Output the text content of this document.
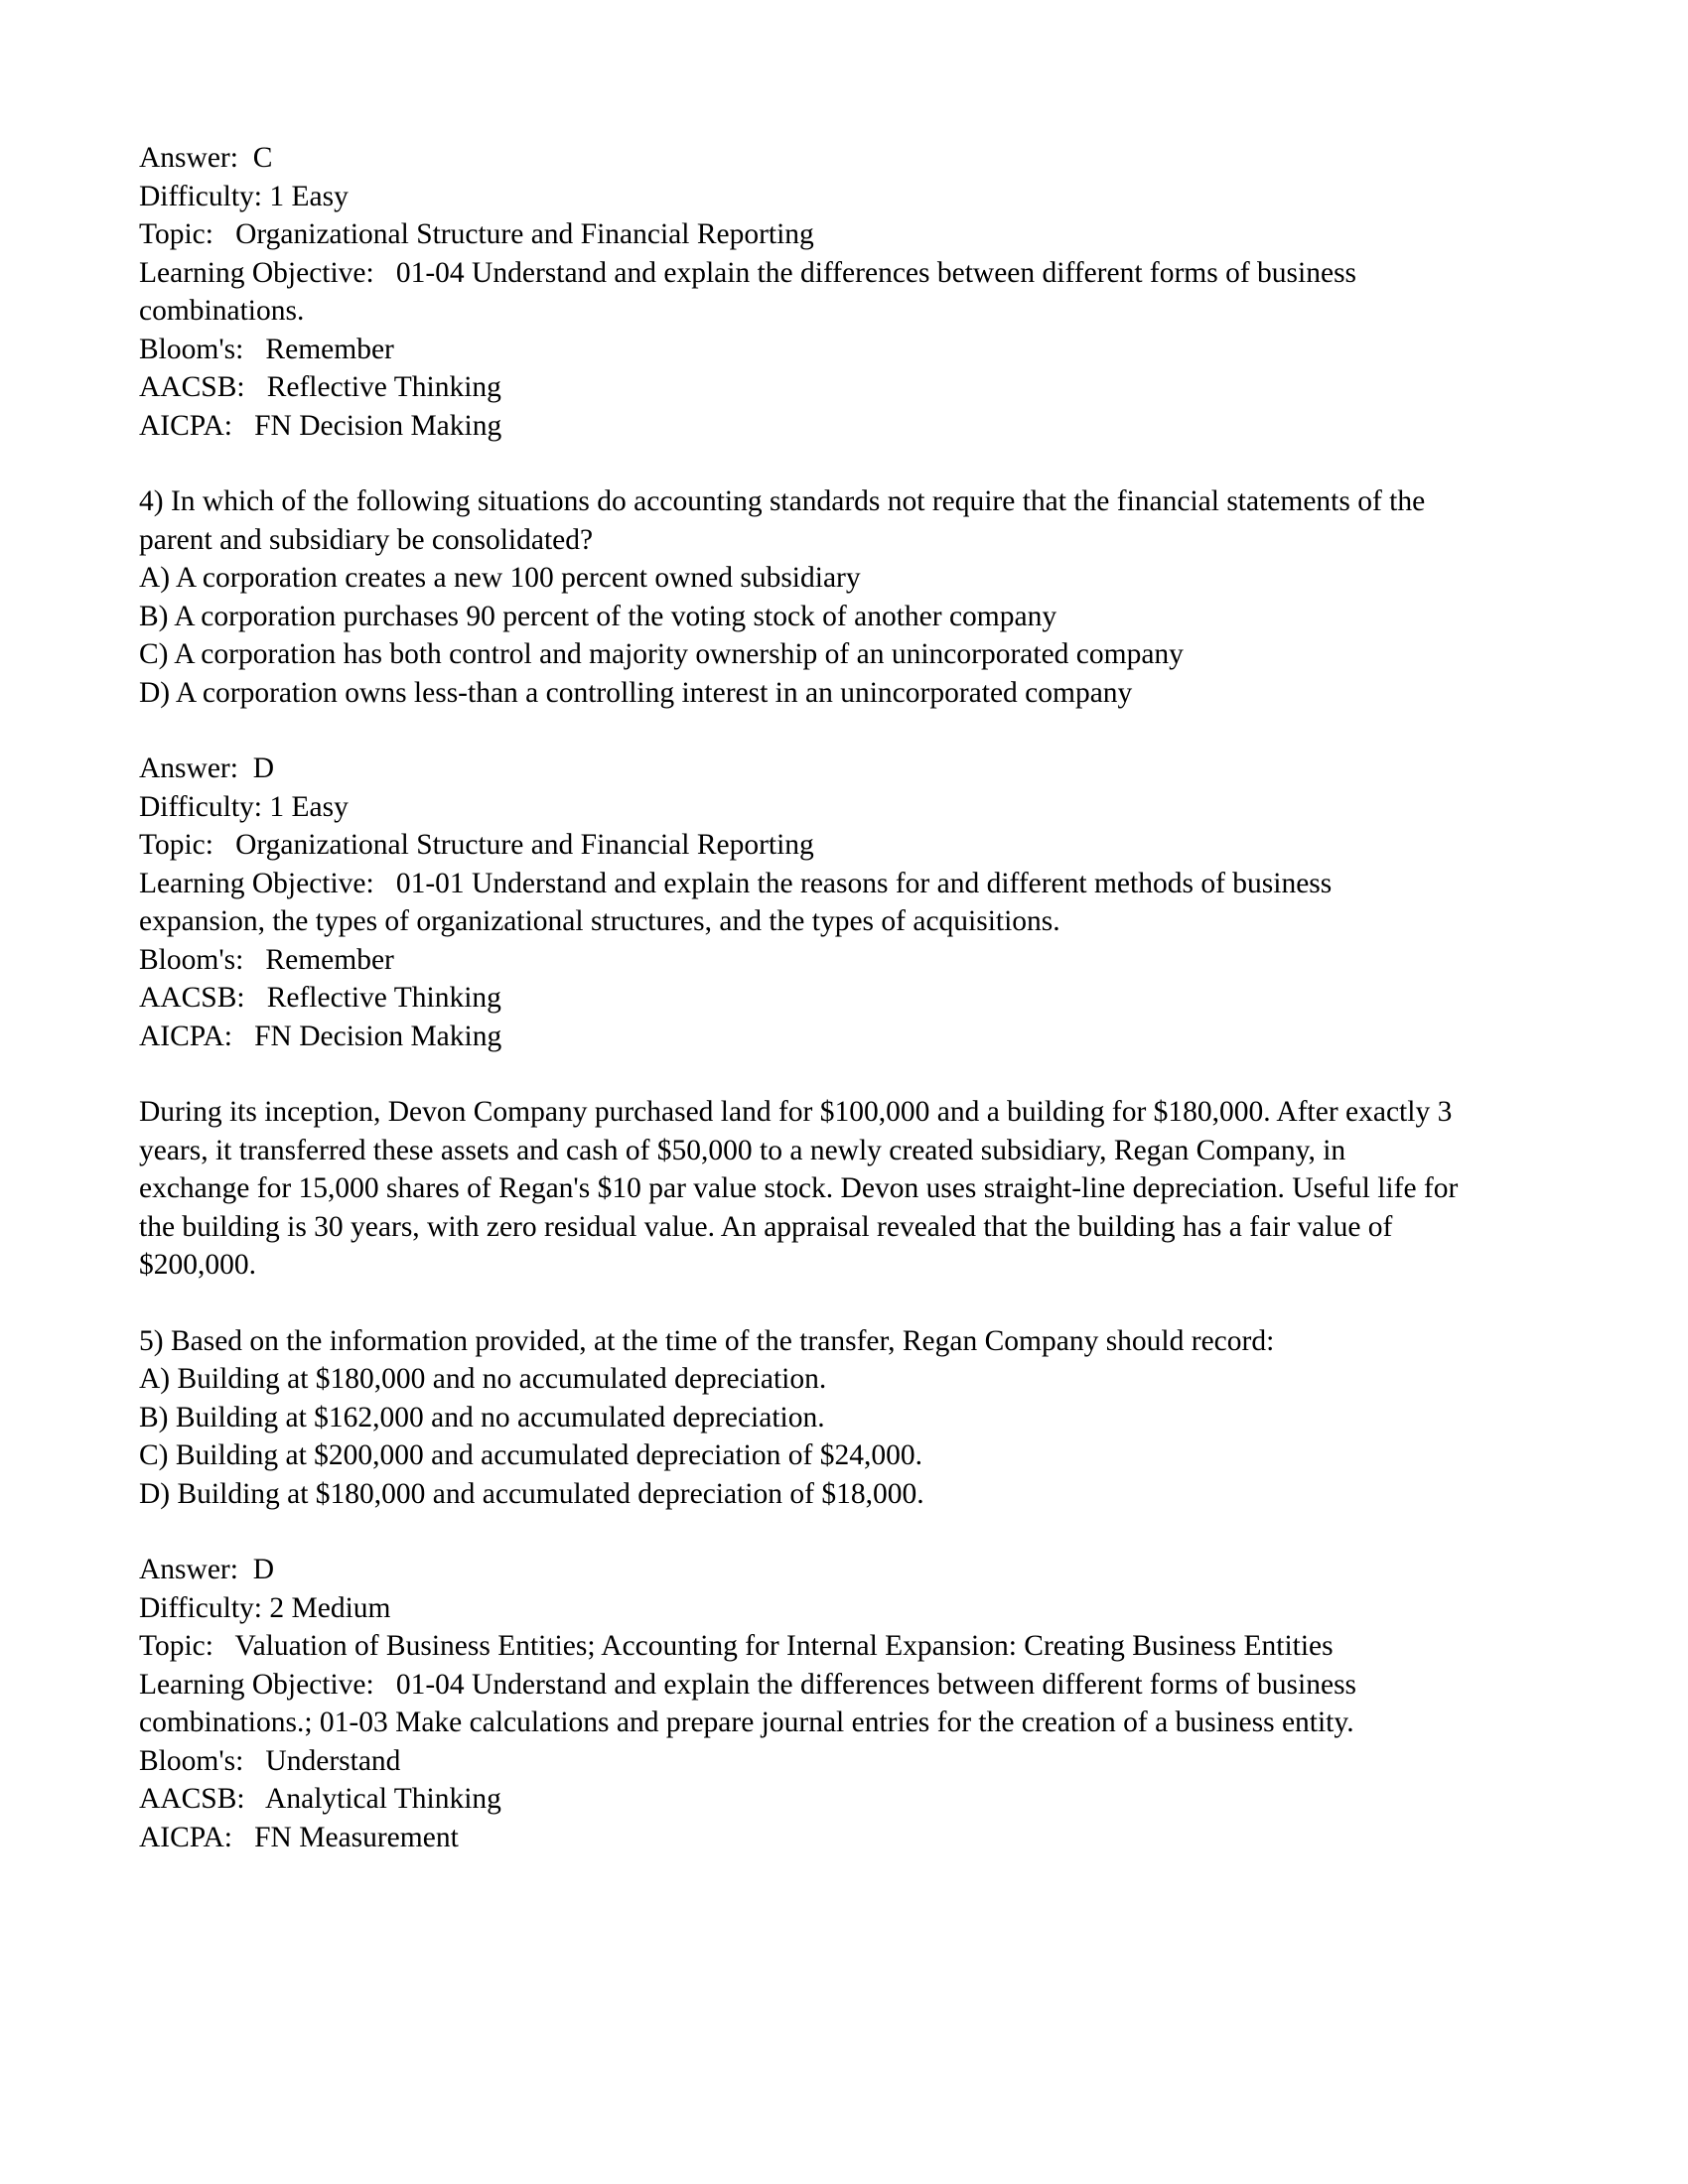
Answer:  C

Difficulty: 1 Easy

Topic:   Organizational Structure and Financial Reporting

Learning Objective:   01-04 Understand and explain the differences between different forms of business combinations.

Bloom's:   Remember

AACSB:   Reflective Thinking

AICPA:   FN Decision Making

4) In which of the following situations do accounting standards not require that the financial statements of the parent and subsidiary be consolidated?

A) A corporation creates a new 100 percent owned subsidiary

B) A corporation purchases 90 percent of the voting stock of another company

C) A corporation has both control and majority ownership of an unincorporated company

D) A corporation owns less-than a controlling interest in an unincorporated company

Answer:  D

Difficulty: 1 Easy

Topic:   Organizational Structure and Financial Reporting

Learning Objective:   01-01 Understand and explain the reasons for and different methods of business expansion, the types of organizational structures, and the types of acquisitions.

Bloom's:   Remember

AACSB:   Reflective Thinking

AICPA:   FN Decision Making

During its inception, Devon Company purchased land for $100,000 and a building for $180,000. After exactly 3 years, it transferred these assets and cash of $50,000 to a newly created subsidiary, Regan Company, in exchange for 15,000 shares of Regan's $10 par value stock. Devon uses straight-line depreciation. Useful life for the building is 30 years, with zero residual value. An appraisal revealed that the building has a fair value of $200,000.

5) Based on the information provided, at the time of the transfer, Regan Company should record:

A) Building at $180,000 and no accumulated depreciation.

B) Building at $162,000 and no accumulated depreciation.

C) Building at $200,000 and accumulated depreciation of $24,000.

D) Building at $180,000 and accumulated depreciation of $18,000.

Answer:  D

Difficulty: 2 Medium

Topic:   Valuation of Business Entities; Accounting for Internal Expansion: Creating Business Entities

Learning Objective:   01-04 Understand and explain the differences between different forms of business combinations.; 01-03 Make calculations and prepare journal entries for the creation of a business entity.

Bloom's:   Understand

AACSB:   Analytical Thinking

AICPA:   FN Measurement
